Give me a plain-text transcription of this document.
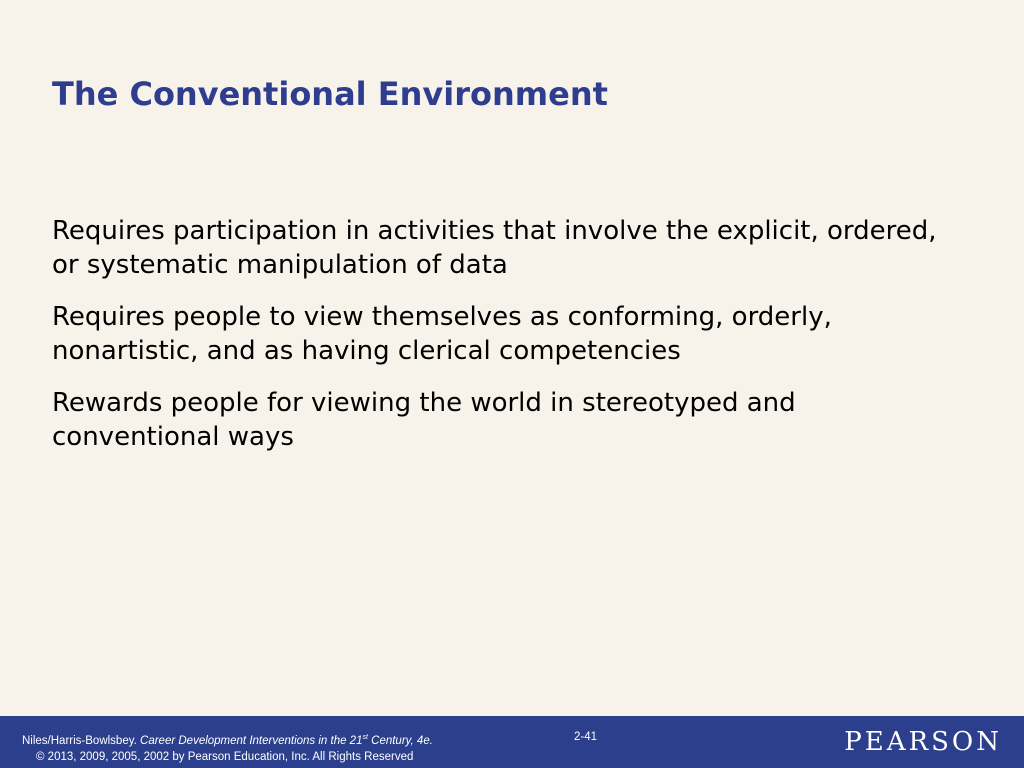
The Conventional Environment
Requires participation in activities that involve the explicit, ordered, or systematic manipulation of data
Requires people to view themselves as conforming, orderly, nonartistic, and as having clerical competencies
Rewards people for viewing the world in stereotyped and conventional ways
Niles/Harris-Bowlsbey. Career Development Interventions in the 21st Century, 4e.
© 2013, 2009, 2005, 2002 by Pearson Education, Inc. All Rights Reserved
2-41	PEARSON
